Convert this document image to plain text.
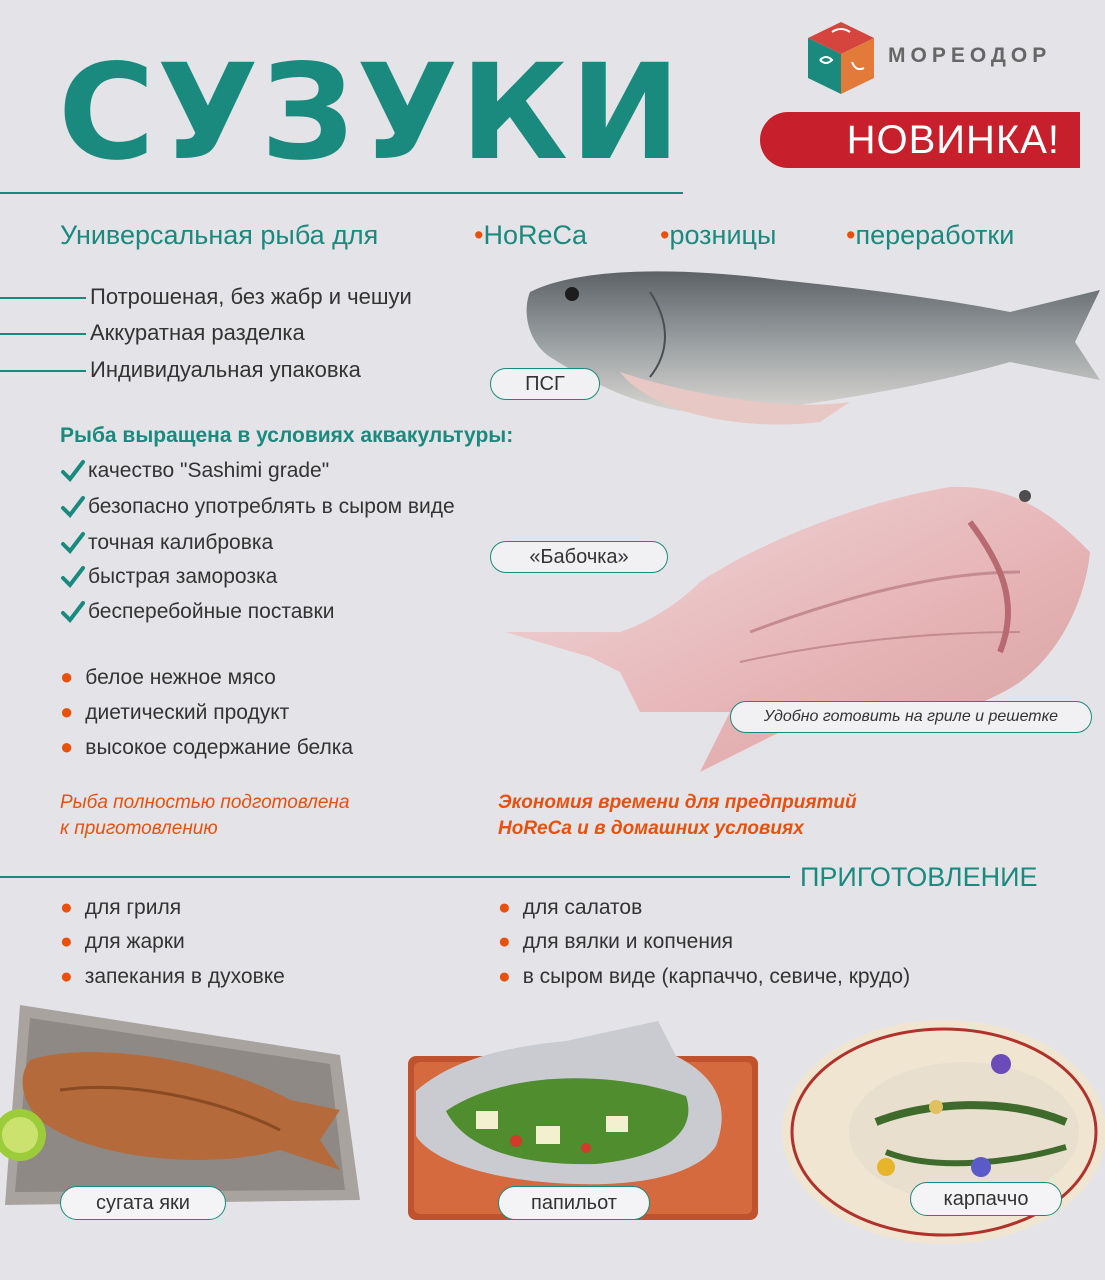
СУЗУКИ	МОРЕОДОР
НОВИНКА!
Универсальная рыба для	•HoReCa	•розницы	•переработки
Потрошеная, без жабр и чешуи
Аккуратная разделка
Индивидуальная упаковка
ПСГ
Рыба выращена в условиях аквакультуры:
качество "Sashimi grade"
безопасно употреблять в сыром виде
точная калибровка
быстрая заморозка
бесперебойные поставки
«Бабочка»
Удобно готовить на гриле и решетке
● белое нежное мясо
● диетический продукт
● высокое содержание белка
Рыба полностью подготовлена
к приготовлению
Экономия времени для предприятий
HoReCa и в домашних условиях
ПРИГОТОВЛЕНИЕ
● для гриля
● для жарки
● запекания в духовке
● для салатов
● для вялки и копчения
● в сыром виде (карпаччо, севиче, крудо)
сугата яки	папильот	карпаччо
